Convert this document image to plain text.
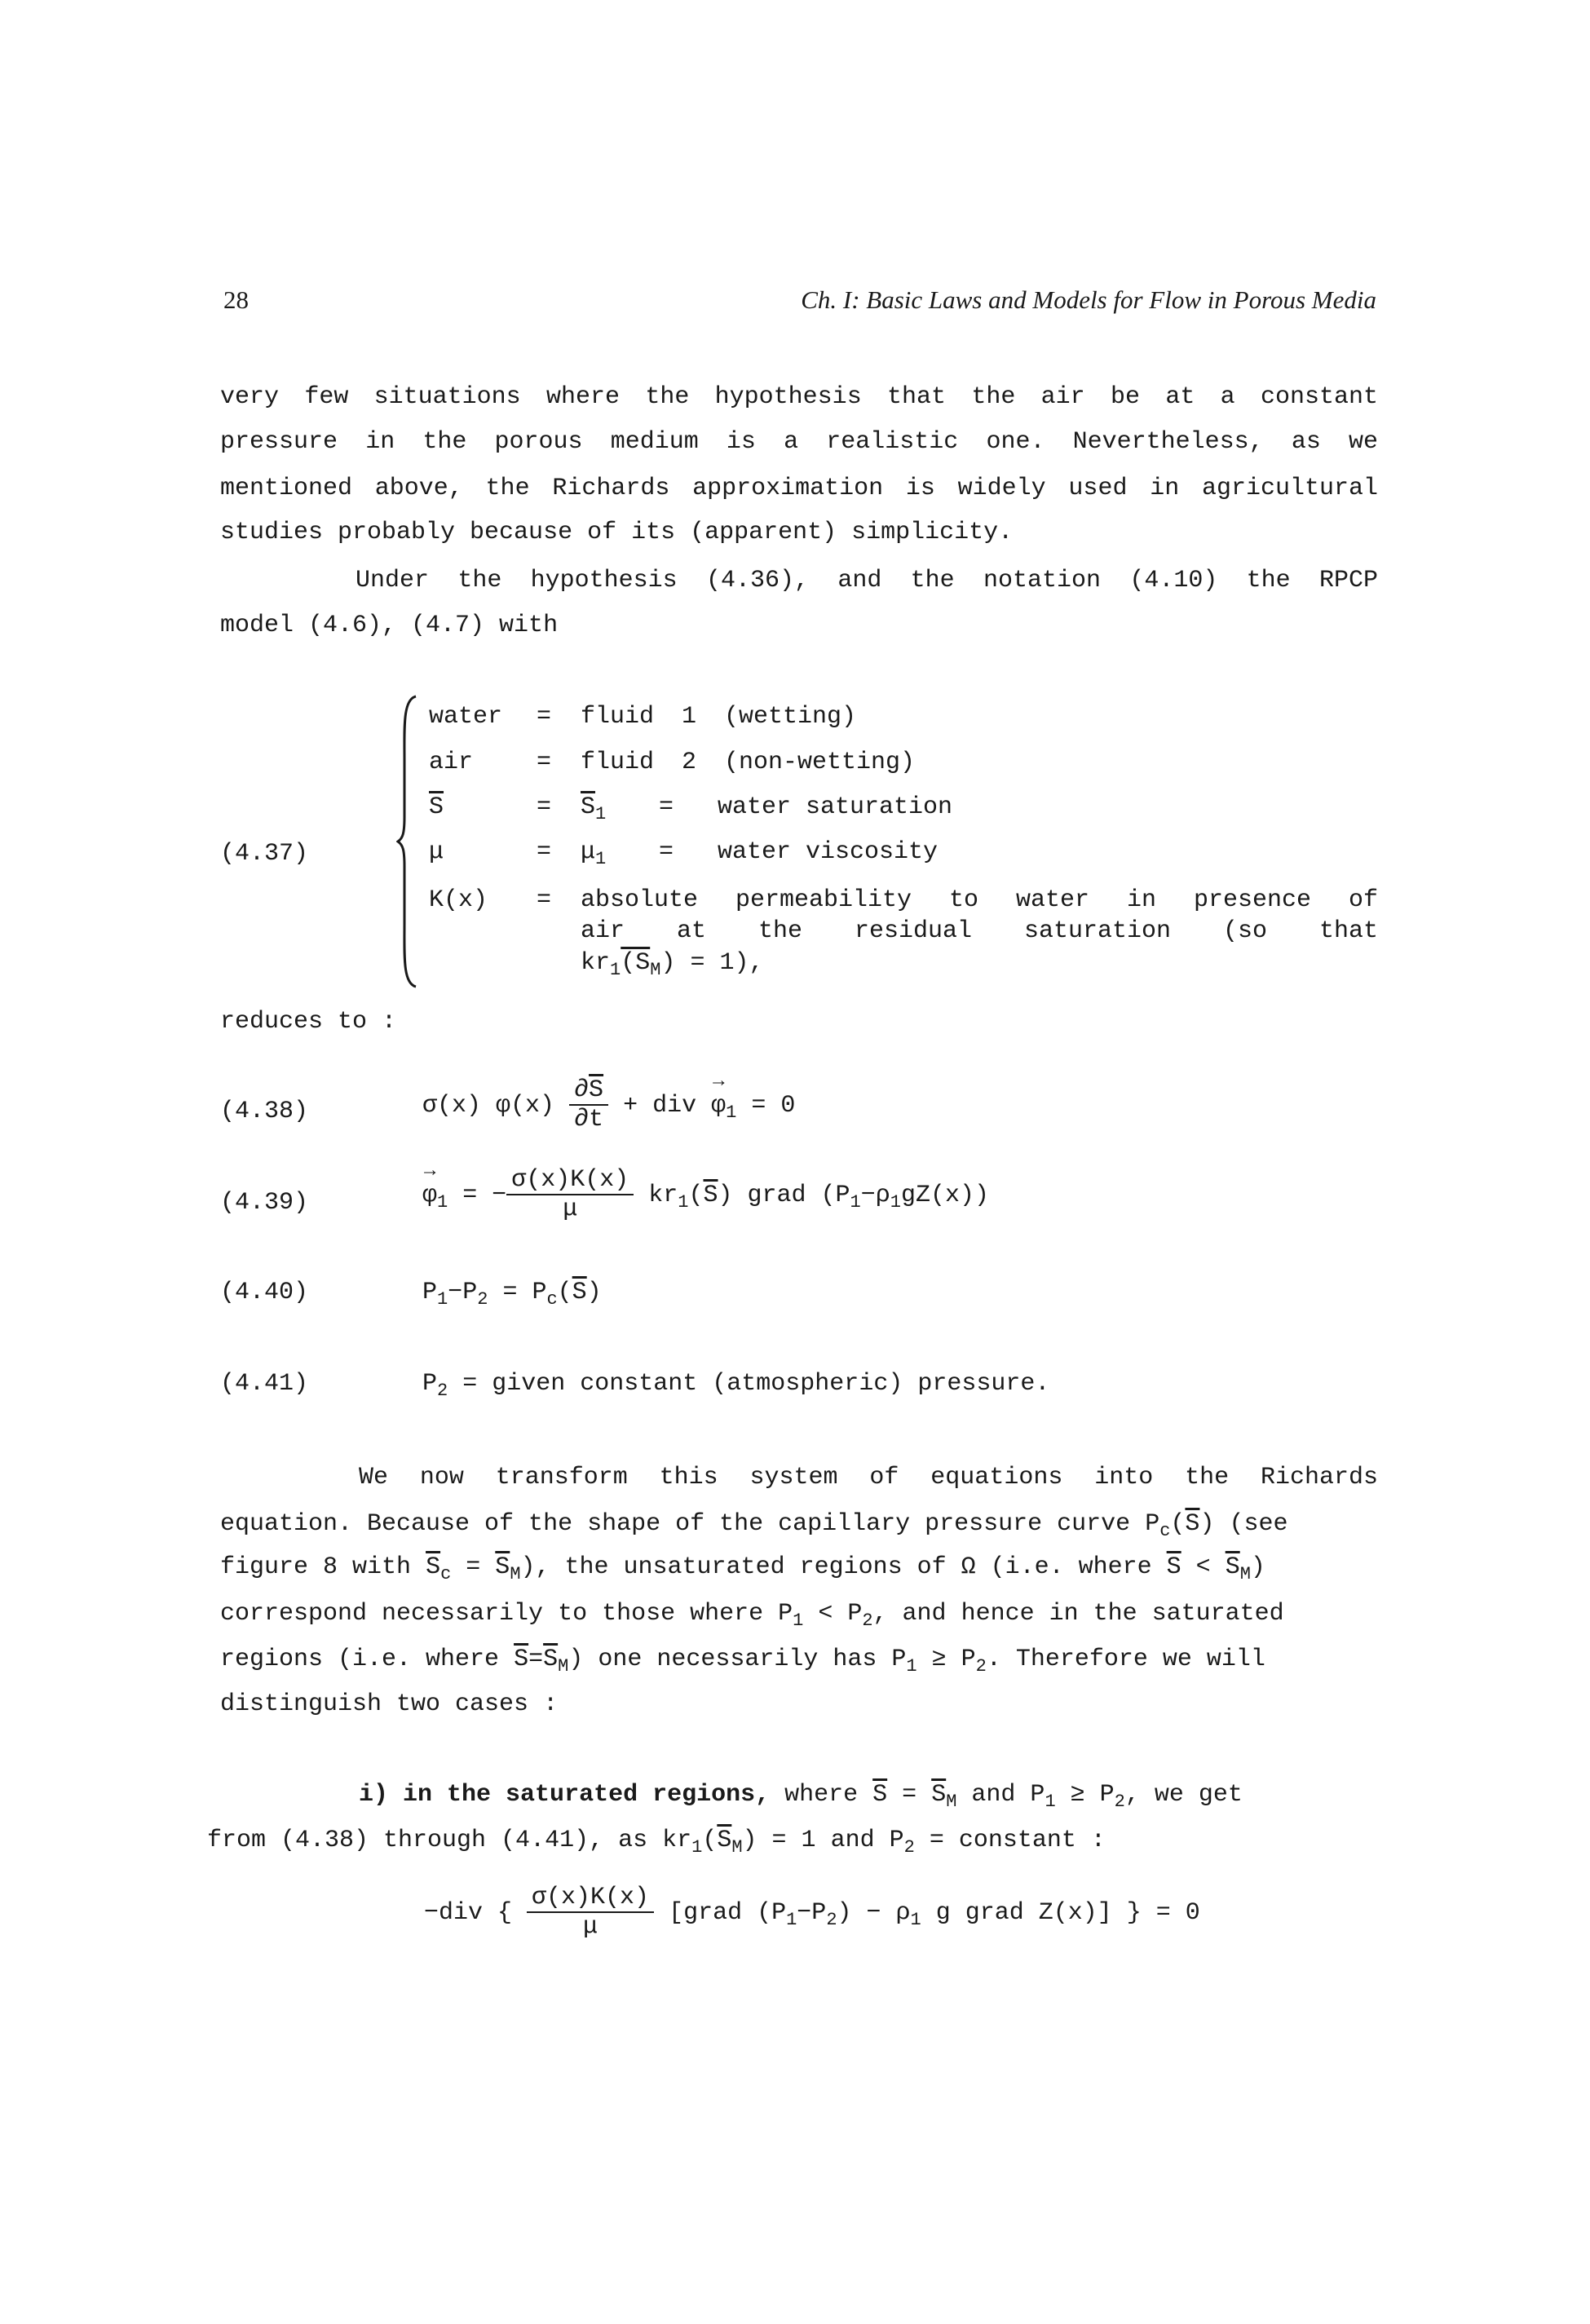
28	Ch. I: Basic Laws and Models for Flow in Porous Media
very few situations where the hypothesis that the air be at a constant
pressure in the porous medium is a realistic one. Nevertheless, as we
mentioned above, the Richards approximation is widely used in agricultural
studies probably because of its (apparent) simplicity.
Under the hypothesis (4.36), and the notation (4.10) the RPCP
model (4.6), (4.7) with
(4.37)
water = fluid 1 (wetting)
air	= fluid 2 (non-wetting)
$\overline{S}$	= $\overline{S}_1$ = water saturation
μ	= $\mu_1$ = water viscosity
K(x) = absolute permeability to water in presence of
air at the residual saturation (so that
$kr_1(S_M) = 1$),
reduces to :
(4.38)	σ(x) $\varphi(x) \frac{\partial\overline{S}}{\partial t}$ + div
→
$\varphi_1 = 0$
(4.39)
→
$\varphi_1$ = − $\frac{\sigma(x)K(x)}{\mu} kr_1(\overline{S})$ grad $(P_1-\rho_1gZ(x))$
(4.40)	$P_1-P_2 = P_c(\overline{S})$
(4.41)	$P_2$ = given constant (atmospheric) pressure.
We now transform this system of equations into the Richards
equation. Because of the shape of the capillary pressure curve $P_c(\overline{S})$ (see
figure 8 with $\overline{S}_c = \overline{S}_M$), the unsaturated regions of Ω (i.e. where $\overline{S} < \overline{S}_M$)
correspond necessarily to those where $P_1 < P_2$, and hence in the saturated
regions (i.e. where $\overline{S}=\overline{S}_M$) one necessarily has $P_1 \ge P_2$. Therefore we will
distinguish two cases :
i) in the saturated regions, where $\overline{S} = \overline{S}_M$ and $P_1 \ge P_2$, we get
from (4.38) through (4.41), as $kr_1(\overline{S}_M) = 1$ and $P_2$ = constant :
−div { $\frac{\sigma(x)K(x)}{\mu}$ [grad $(P_1-P_2) - \rho_1$ g grad Z(x)] } = 0
